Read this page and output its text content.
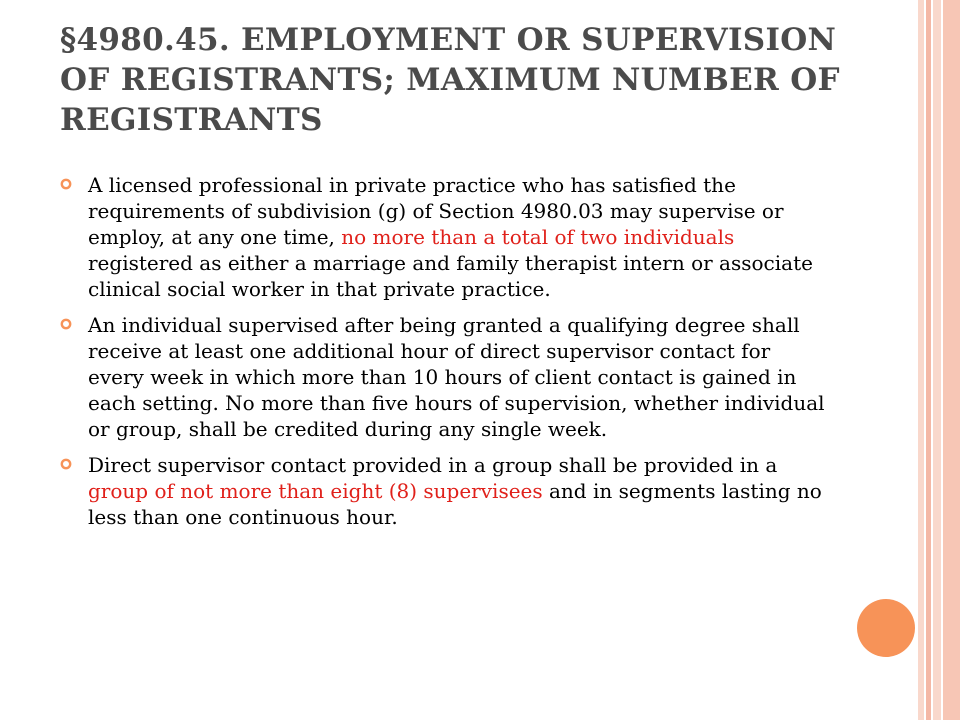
§4980.45. EMPLOYMENT OR SUPERVISION OF REGISTRANTS; MAXIMUM NUMBER OF REGISTRANTS
A licensed professional in private practice who has satisfied the requirements of subdivision (g) of Section 4980.03 may supervise or employ, at any one time, no more than a total of two individuals registered as either a marriage and family therapist intern or associate clinical social worker in that private practice.
An individual supervised after being granted a qualifying degree shall receive at least one additional hour of direct supervisor contact for every week in which more than 10 hours of client contact is gained in each setting. No more than five hours of supervision, whether individual or group, shall be credited during any single week.
Direct supervisor contact provided in a group shall be provided in a group of not more than eight (8) supervisees and in segments lasting no less than one continuous hour.
